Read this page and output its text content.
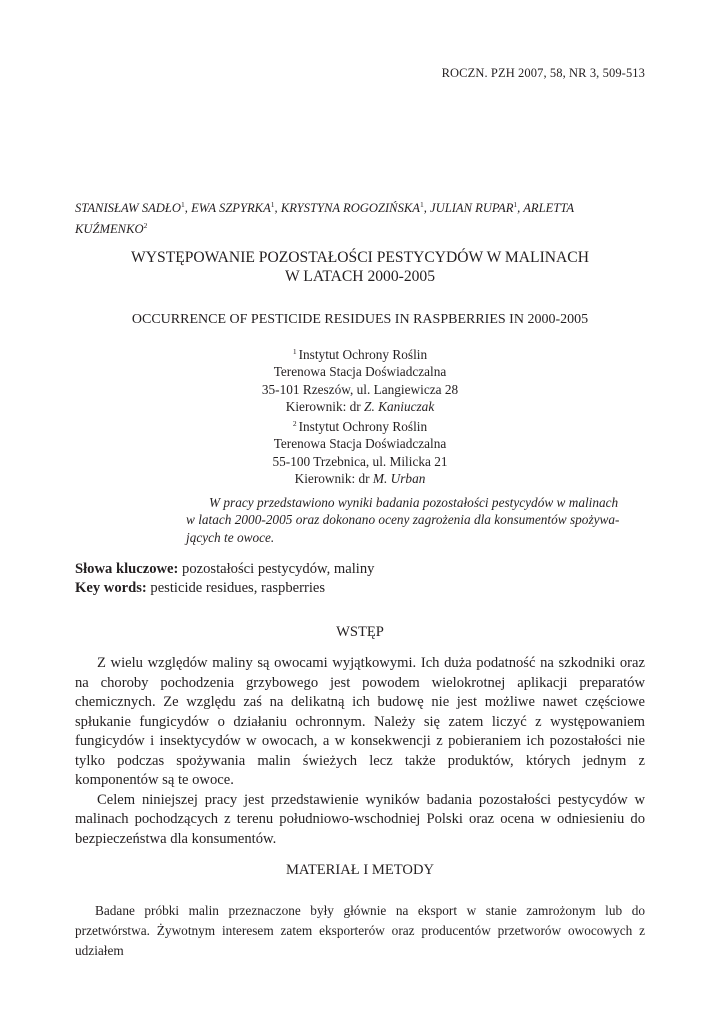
ROCZN. PZH 2007, 58, NR 3, 509-513
STANISŁAW SADŁO$^1$, EWA SZPYRKA$^1$, KRYSTYNA ROGOZIŃSKA$^1$, JULIAN RUPAR$^1$, ARLETTA KUŹMENKO$^2$
WYSTĘPOWANIE POZOSTAŁOŚCI PESTYCYDÓW W MALINACH
W LATACH 2000-2005
OCCURRENCE OF PESTICIDE RESIDUES IN RASPBERRIES IN 2000-2005
$^1$ Instytut Ochrony Roślin
Terenowa Stacja Doświadczalna
35-101 Rzeszów, ul. Langiewicza 28
Kierownik: dr Z. Kaniuczak
$^2$ Instytut Ochrony Roślin
Terenowa Stacja Doświadczalna
55-100 Trzebnica, ul. Milicka 21
Kierownik: dr M. Urban
W pracy przedstawiono wyniki badania pozostałości pestycydów w malinach
w latach 2000-2005 oraz dokonano oceny zagrożenia dla konsumentów spożywa-
jących te owoce.
Słowa kluczowe: pozostałości pestycydów, maliny
Key words: pesticide residues, raspberries
WSTĘP

Z wielu względów maliny są owocami wyjątkowymi. Ich duża podatność na szkodniki oraz na choroby pochodzenia grzybowego jest powodem wielokrotnej aplikacji preparatów chemicznych. Ze względu zaś na delikatną ich budowę nie jest możliwe nawet częściowe spłukanie fungicydów o działaniu ochronnym. Należy się zatem liczyć z występowaniem fungicydów i insektycydów w owocach, a w konsekwencji z pobieraniem ich pozostałości nie tylko podczas spożywania malin świeżych lecz także produktów, których jednym z komponentów są te owoce.

Celem niniejszej pracy jest przedstawienie wyników badania pozostałości pestycydów w malinach pochodzących z terenu południowo-wschodniej Polski oraz ocena w odniesieniu do bezpieczeństwa dla konsumentów.

MATERIAŁ I METODY

Badane próbki malin przeznaczone były głównie na eksport w stanie zamrożonym lub do przetwórstwa. Żywotnym interesem zatem eksporterów oraz producentów przetworów owocowych z udziałem
